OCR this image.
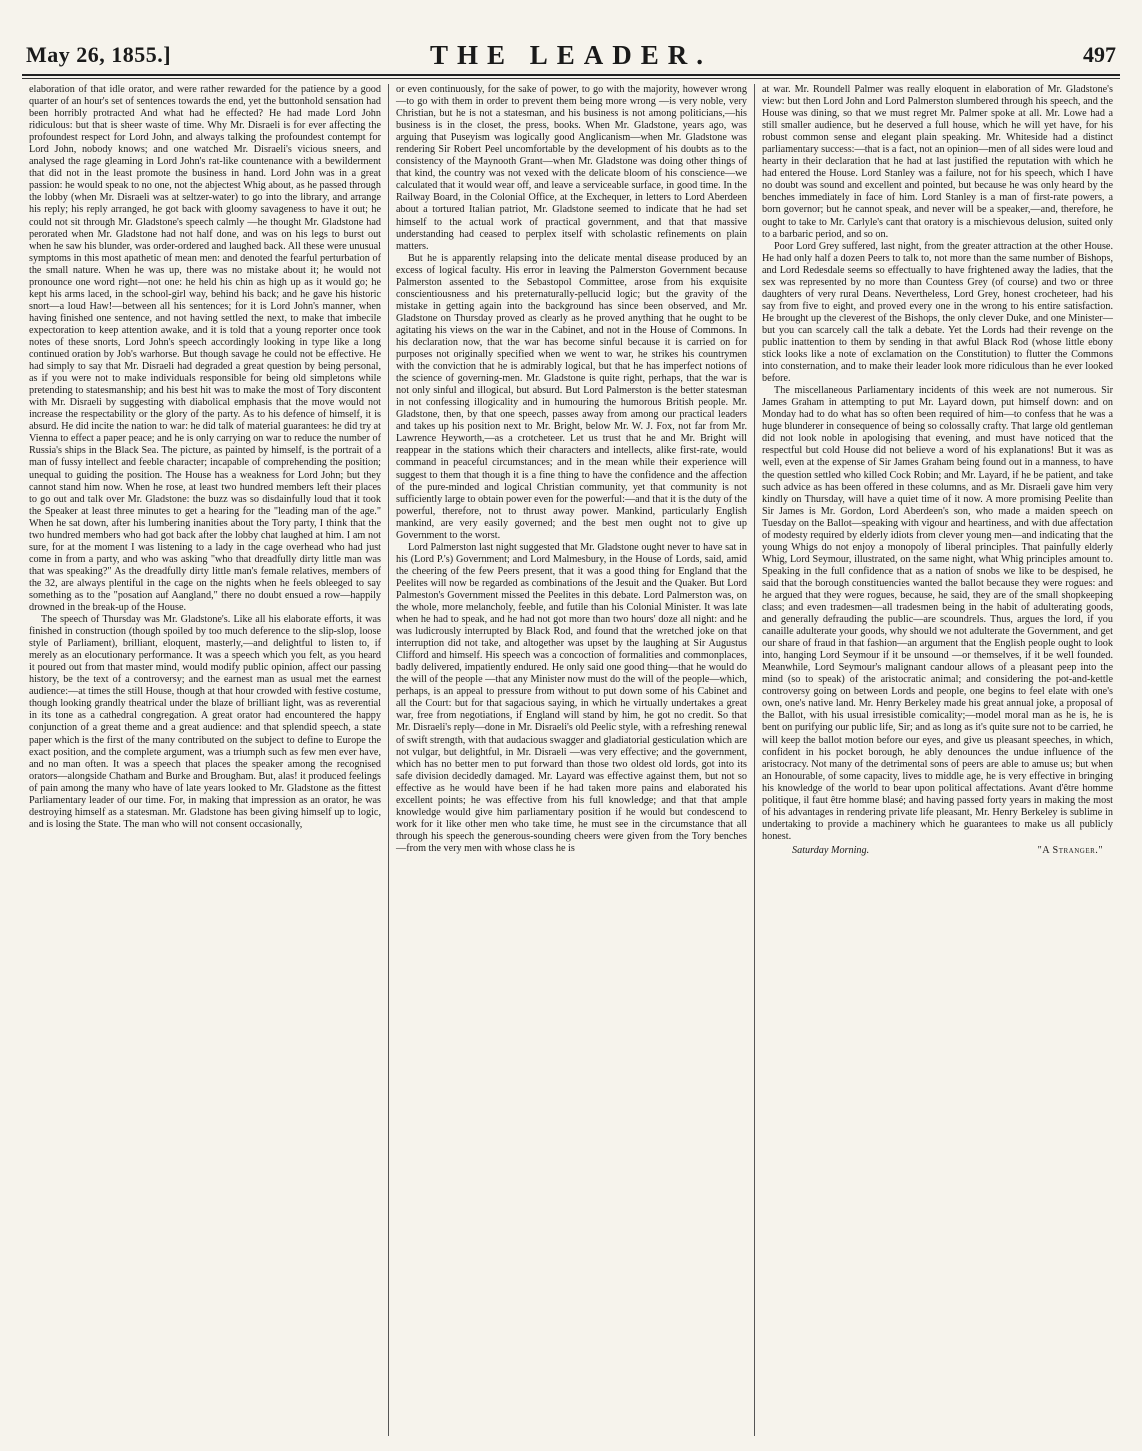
May 26, 1855.]	THE LEADER.	497

elaboration of that idle orator, and were rather rewarded for the patience by a good quarter of an hour's set of sentences towards the end, yet the buttonhold sensation had been horribly protracted And what had he effected? He had made Lord John ridiculous: but that is sheer waste of time. Why Mr. Disraeli is for ever affecting the profoundest respect for Lord John, and always talking the profoundest contempt for Lord John, nobody knows; and one watched Mr. Disraeli's vicious sneers, and analysed the rage gleaming in Lord John's rat-like countenance with a bewilderment that did not in the least promote the business in hand. Lord John was in a great passion: he would speak to no one, not the abjectest Whig about, as he passed through the lobby (when Mr. Disraeli was at seltzer-water) to go into the library, and arrange his reply; his reply arranged, he got back with gloomy savageness to have it out; he could not sit through Mr. Gladstone's speech calmly —he thought Mr. Gladstone had perorated when Mr. Gladstone had not half done, and was on his legs to burst out when he saw his blunder, was order-ordered and laughed back. All these were unusual symptoms in this most apathetic of mean men: and denoted the fearful perturbation of the small nature. When he was up, there was no mistake about it; he would not pronounce one word right—not one: he held his chin as high up as it would go; he kept his arms laced, in the school-girl way, behind his back; and he gave his historic snort—a loud Haw!—between all his sentences; for it is Lord John's manner, when having finished one sentence, and not having settled the next, to make that imbecile expectoration to keep attention awake, and it is told that a young reporter once took notes of these snorts, Lord John's speech accordingly looking in type like a long continued oration by Job's warhorse. But though savage he could not be effective. He had simply to say that Mr. Disraeli had degraded a great question by being personal, as if you were not to make individuals responsible for being old simpletons while pretending to statesmanship; and his best hit was to make the most of Tory discontent with Mr. Disraeli by suggesting with diabolical emphasis that the move would not increase the respectability or the glory of the party. As to his defence of himself, it is absurd. He did incite the nation to war: he did talk of material guarantees: he did try at Vienna to effect a paper peace; and he is only carrying on war to reduce the number of Russia's ships in the Black Sea. The picture, as painted by himself, is the portrait of a man of fussy intellect and feeble character; incapable of comprehending the position; unequal to guiding the position. The House has a weakness for Lord John; but they cannot stand him now. When he rose, at least two hundred members left their places to go out and talk over Mr. Gladstone: the buzz was so disdainfully loud that it took the Speaker at least three minutes to get a hearing for the "leading man of the age." When he sat down, after his lumbering inanities about the Tory party, I think that the two hundred members who had got back after the lobby chat laughed at him. I am not sure, for at the moment I was listening to a lady in the cage overhead who had just come in from a party, and who was asking "who that dreadfully dirty little man was that was speaking?" As the dreadfully dirty little man's female relatives, members of the 32, are always plentiful in the cage on the nights when he feels obleeged to say something as to the "posation auf Aangland," there no doubt ensued a row—happily drowned in the break-up of the House.

The speech of Thursday was Mr. Gladstone's. Like all his elaborate efforts, it was finished in construction (though spoiled by too much deference to the slip-slop, loose style of Parliament), brilliant, eloquent, masterly,—and delightful to listen to, if merely as an elocutionary performance. It was a speech which you felt, as you heard it poured out from that master mind, would modify public opinion, affect our passing history, be the text of a controversy; and the earnest man as usual met the earnest audience:—at times the still House, though at that hour crowded with festive costume, though looking grandly theatrical under the blaze of brilliant light, was as reverential in its tone as a cathedral congregation. A great orator had encountered the happy conjunction of a great theme and a great audience: and that splendid speech, a state paper which is the first of the many contributed on the subject to define to Europe the exact position, and the complete argument, was a triumph such as few men ever have, and no man often. It was a speech that places the speaker among the recognised orators—alongside Chatham and Burke and Brougham. But, alas! it produced feelings of pain among the many who have of late years looked to Mr. Gladstone as the fittest Parliamentary leader of our time. For, in making that impression as an orator, he was destroying himself as a statesman. Mr. Gladstone has been giving himself up to logic, and is losing the State. The man who will not consent occasionally,

or even continuously, for the sake of power, to go with the majority, however wrong—to go with them in order to prevent them being more wrong —is very noble, very Christian, but he is not a statesman, and his business is not among politicians,—his business is in the closet, the press, books. When Mr. Gladstone, years ago, was arguing that Puseyism was logically good Anglicanism—when Mr. Gladstone was rendering Sir Robert Peel uncomfortable by the development of his doubts as to the consistency of the Maynooth Grant—when Mr. Gladstone was doing other things of that kind, the country was not vexed with the delicate bloom of his conscience—we calculated that it would wear off, and leave a serviceable surface, in good time. In the Railway Board, in the Colonial Office, at the Exchequer, in letters to Lord Aberdeen about a tortured Italian patriot, Mr. Gladstone seemed to indicate that he had set himself to the actual work of practical government, and that that massive understanding had ceased to perplex itself with scholastic refinements on plain matters.

But he is apparently relapsing into the delicate mental disease produced by an excess of logical faculty. His error in leaving the Palmerston Government because Palmerston assented to the Sebastopol Committee, arose from his exquisite conscientiousness and his preternaturally-pellucid logic; but the gravity of the mistake in getting again into the background has since been observed, and Mr. Gladstone on Thursday proved as clearly as he proved anything that he ought to be agitating his views on the war in the Cabinet, and not in the House of Commons. In his declaration now, that the war has become sinful because it is carried on for purposes not originally specified when we went to war, he strikes his countrymen with the conviction that he is admirably logical, but that he has imperfect notions of the science of governing-men. Mr. Gladstone is quite right, perhaps, that the war is not only sinful and illogical, but absurd. But Lord Palmerston is the better statesman in not confessing illogicality and in humouring the humorous British people. Mr. Gladstone, then, by that one speech, passes away from among our practical leaders and takes up his position next to Mr. Bright, below Mr. W. J. Fox, not far from Mr. Lawrence Heyworth,—as a crotcheteer. Let us trust that he and Mr. Bright will reappear in the stations which their characters and intellects, alike first-rate, would command in peaceful circumstances; and in the mean while their experience will suggest to them that though it is a fine thing to have the confidence and the affection of the pure-minded and logical Christian community, yet that community is not sufficiently large to obtain power even for the powerful:—and that it is the duty of the powerful, therefore, not to thrust away power. Mankind, particularly English mankind, are very easily governed; and the best men ought not to give up Government to the worst.

Lord Palmerston last night suggested that Mr. Gladstone ought never to have sat in his (Lord P.'s) Government; and Lord Malmesbury, in the House of Lords, said, amid the cheering of the few Peers present, that it was a good thing for England that the Peelites will now be regarded as combinations of the Jesuit and the Quaker. But Lord Palmeston's Government missed the Peelites in this debate. Lord Palmerston was, on the whole, more melancholy, feeble, and futile than his Colonial Minister. It was late when he had to speak, and he had not got more than two hours' doze all night: and he was ludicrously interrupted by Black Rod, and found that the wretched joke on that interruption did not take, and altogether was upset by the laughing at Sir Augustus Clifford and himself. His speech was a concoction of formalities and commonplaces, badly delivered, impatiently endured. He only said one good thing—that he would do the will of the people —that any Minister now must do the will of the people—which, perhaps, is an appeal to pressure from without to put down some of his Cabinet and all the Court: but for that sagacious saying, in which he virtually undertakes a great war, free from negotiations, if England will stand by him, he got no credit. So that Mr. Disraeli's reply—done in Mr. Disraeli's old Peelic style, with a refreshing renewal of swift strength, with that audacious swagger and gladiatorial gesticulation which are not vulgar, but delightful, in Mr. Disraeli —was very effective; and the government, which has no better men to put forward than those two oldest old lords, got into its safe division decidedly damaged. Mr. Layard was effective against them, but not so effective as he would have been if he had taken more pains and elaborated his excellent points; he was effective from his full knowledge; and that that ample knowledge would give him parliamentary position if he would but condescend to work for it like other men who take time, he must see in the circumstance that all through his speech the generous-sounding cheers were given from the Tory benches—from the very men with whose class he is

at war. Mr. Roundell Palmer was really eloquent in elaboration of Mr. Gladstone's view: but then Lord John and Lord Palmerston slumbered through his speech, and the House was dining, so that we must regret Mr. Palmer spoke at all. Mr. Lowe had a still smaller audience, but he deserved a full house, which he will yet have, for his robust common sense and elegant plain speaking. Mr. Whiteside had a distinct parliamentary success:—that is a fact, not an opinion—men of all sides were loud and hearty in their declaration that he had at last justified the reputation with which he had entered the House. Lord Stanley was a failure, not for his speech, which I have no doubt was sound and excellent and pointed, but because he was only heard by the benches immediately in face of him. Lord Stanley is a man of first-rate powers, a born governor; but he cannot speak, and never will be a speaker,—and, therefore, he ought to take to Mr. Carlyle's cant that oratory is a mischievous delusion, suited only to a barbaric period, and so on.

Poor Lord Grey suffered, last night, from the greater attraction at the other House. He had only half a dozen Peers to talk to, not more than the same number of Bishops, and Lord Redesdale seems so effectually to have frightened away the ladies, that the sex was represented by no more than Countess Grey (of course) and two or three daughters of very rural Deans. Nevertheless, Lord Grey, honest crocheteer, had his say from five to eight, and proved every one in the wrong to his entire satisfaction. He brought up the cleverest of the Bishops, the only clever Duke, and one Minister—but you can scarcely call the talk a debate. Yet the Lords had their revenge on the public inattention to them by sending in that awful Black Rod (whose little ebony stick looks like a note of exclamation on the Constitution) to flutter the Commons into consternation, and to make their leader look more ridiculous than he ever looked before.

The miscellaneous Parliamentary incidents of this week are not numerous. Sir James Graham in attempting to put Mr. Layard down, put himself down: and on Monday had to do what has so often been required of him—to confess that he was a huge blunderer in consequence of being so colossally crafty. That large old gentleman did not look noble in apologising that evening, and must have noticed that the respectful but cold House did not believe a word of his explanations! But it was as well, even at the expense of Sir James Graham being found out in a manness, to have the question settled who killed Cock Robin; and Mr. Layard, if he be patient, and take such advice as has been offered in these columns, and as Mr. Disraeli gave him very kindly on Thursday, will have a quiet time of it now. A more promising Peelite than Sir James is Mr. Gordon, Lord Aberdeen's son, who made a maiden speech on Tuesday on the Ballot—speaking with vigour and heartiness, and with due affectation of modesty required by elderly idiots from clever young men—and indicating that the young Whigs do not enjoy a monopoly of liberal principles. That painfully elderly Whig, Lord Seymour, illustrated, on the same night, what Whig principles amount to. Speaking in the full confidence that as a nation of snobs we like to be despised, he said that the borough constituencies wanted the ballot because they were rogues: and he argued that they were rogues, because, he said, they are of the small shopkeeping class; and even tradesmen—all tradesmen being in the habit of adulterating goods, and generally defrauding the public—are scoundrels. Thus, argues the lord, if you canaille adulterate your goods, why should we not adulterate the Government, and get our share of fraud in that fashion—an argument that the English people ought to look into, hanging Lord Seymour if it be unsound —or themselves, if it be well founded. Meanwhile, Lord Seymour's malignant candour allows of a pleasant peep into the mind (so to speak) of the aristocratic animal; and considering the pot-and-kettle controversy going on between Lords and people, one begins to feel elate with one's own, one's native land. Mr. Henry Berkeley made his great annual joke, a proposal of the Ballot, with his usual irresistible comicality;—model moral man as he is, he is bent on purifying our public life, Sir; and as long as it's quite sure not to be carried, he will keep the ballot motion before our eyes, and give us pleasant speeches, in which, confident in his pocket borough, he ably denounces the undue influence of the aristocracy. Not many of the detrimental sons of peers are able to amuse us; but when an Honourable, of some capacity, lives to middle age, he is very effective in bringing his knowledge of the world to bear upon political affectations. Avant d'être homme politique, il faut être homme blasé; and having passed forty years in making the most of his advantages in rendering private life pleasant, Mr. Henry Berkeley is sublime in undertaking to provide a machinery which he guarantees to make us all publicly honest.

Saturday Morning.	"A Stranger."
